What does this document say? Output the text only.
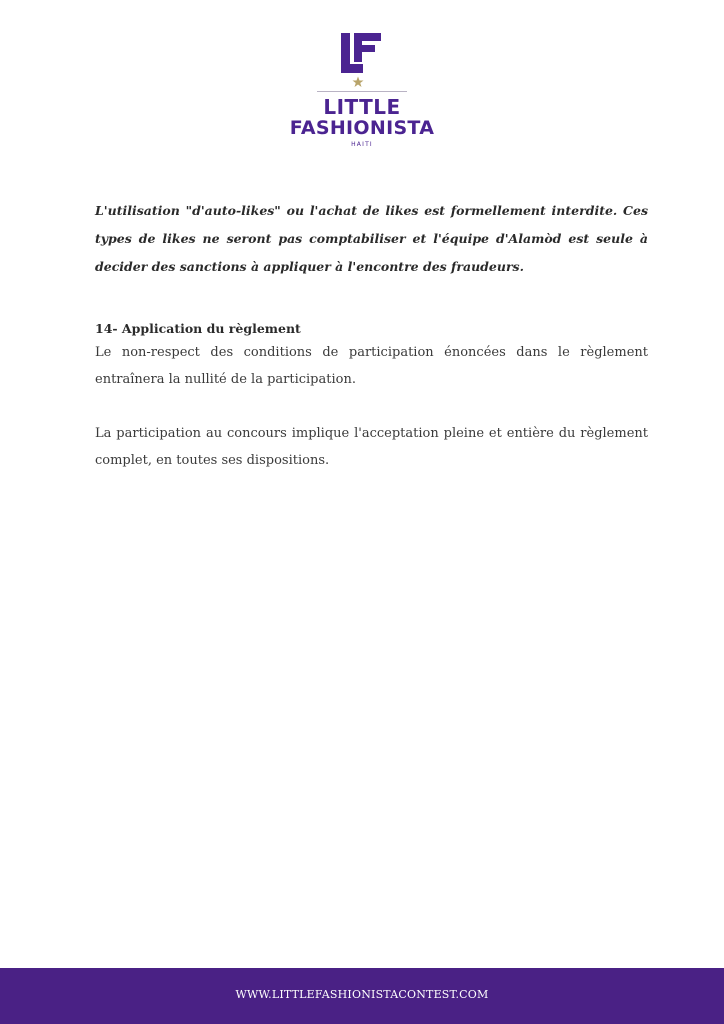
LITTLE
FASHIONISTA
HAITI

L'utilisation "d'auto-likes" ou l'achat de likes est formellement interdite. Ces types de likes ne seront pas comptabiliser et l'équipe d'Alamòd est seule à decider des sanctions à appliquer à l'encontre des fraudeurs.

14- Application du règlement

Le non-respect des conditions de participation énoncées dans le règlement entraînera la nullité de la participation.

La participation au concours implique l'acceptation pleine et entière du règlement complet, en toutes ses dispositions.

WWW.LITTLEFASHIONISTACONTEST.COM
